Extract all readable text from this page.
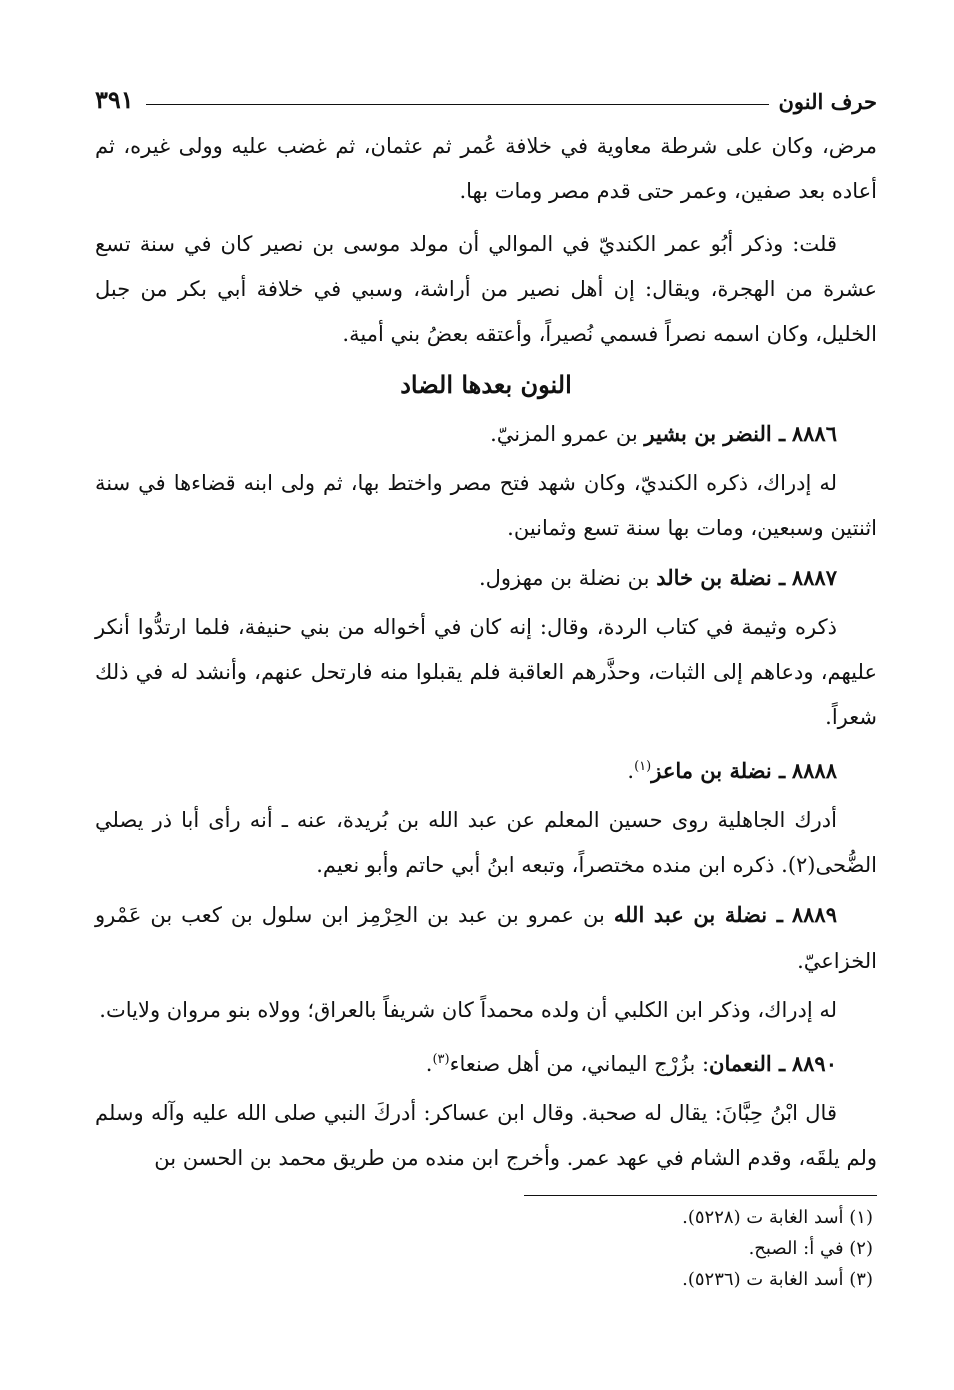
حرف النون
٣٩١

مرض، وكان على شرطة معاوية في خلافة عُمر ثم عثمان، ثم غضب عليه وولى غيره، ثم أعاده بعد صفين، وعمر حتى قدم مصر ومات بها.

قلت: وذكر أبُو عمر الكنديّ في الموالي أن مولد موسى بن نصير كان في سنة تسع عشرة من الهجرة، ويقال: إن أهل نصير من أراشة، وسبي في خلافة أبي بكر من جبل الخليل، وكان اسمه نصراً فسمي نُصيراً، وأعتقه بعضُ بني أمية.

النون بعدها الضاد

٨٨٨٦ ـ النضر بن بشير بن عمرو المزنيّ.

له إدراك، ذكره الكنديّ، وكان شهد فتح مصر واختط بها، ثم ولى ابنه قضاءها في سنة اثنتين وسبعين، ومات بها سنة تسع وثمانين.

٨٨٨٧ ـ نضلة بن خالد بن نضلة بن مهزول.

ذكره وثيمة في كتاب الردة، وقال: إنه كان في أخواله من بني حنيفة، فلما ارتدُّوا أنكر عليهم، ودعاهم إلى الثبات، وحذَّرهم العاقبة فلم يقبلوا منه فارتحل عنهم، وأنشد له في ذلك شعراً.

٨٨٨٨ ـ نضلة بن ماعز$^{(١)}$.

أدرك الجاهلية روى حسين المعلم عن عبد الله بن بُريدة، عنه ـ أنه رأى أبا ذر يصلي الضُّحى(٢). ذكره ابن منده مختصراً، وتبعه ابنُ أبي حاتم وأبو نعيم.

٨٨٨٩ ـ نضلة بن عبد الله بن عمرو بن عبد بن الحِرْمِز ابن سلول بن كعب بن عَمْرو الخزاعيّ.

له إدراك، وذكر ابن الكلبي أن ولده محمداً كان شريفاً بالعراق؛ وولاه بنو مروان ولايات.

٨٨٩٠ ـ النعمان: بزُرْج اليماني، من أهل صنعاء$^{(٣)}$.

قال ابْنُ حِبَّانَ: يقال له صحبة. وقال ابن عساكر: أدركَ النبي صلى الله عليه وآله وسلم ولم يلقَه، وقدم الشام في عهد عمر. وأخرج ابن منده من طريق محمد بن الحسن بن

(١) أسد الغابة ت (٥٢٢٨).

(٢) في أ: الصبح.

(٣) أسد الغابة ت (٥٢٣٦).
